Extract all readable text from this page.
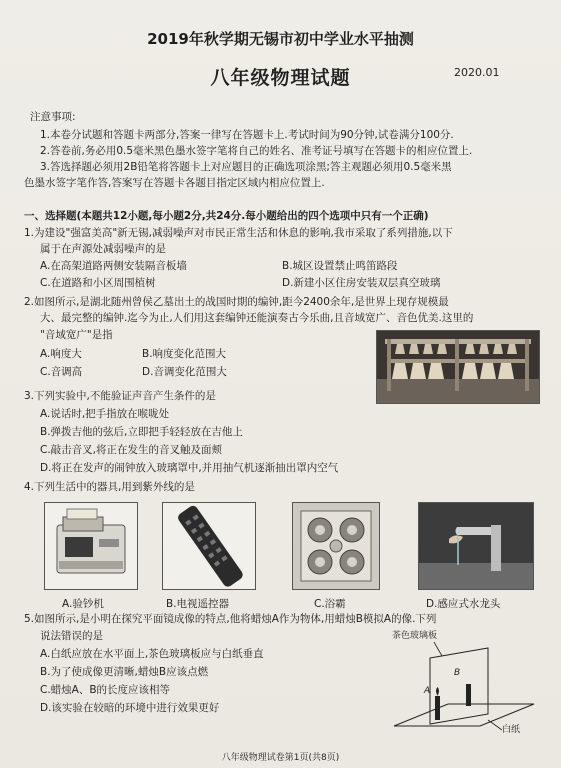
2019年秋学期无锡市初中学业水平抽测
2020.01
八年级物理试题
注意事项:
1.本卷分试题和答题卡两部分,答案一律写在答题卡上.考试时间为90分钟,试卷满分100分.
2.答卷前,务必用0.5毫米黑色墨水签字笔将自己的姓名、准考证号填写在答题卡的相应位置上.
3.答选择题必须用2B铅笔将答题卡上对应题目的正确选项涂黑;答主观题必须用0.5毫米黑
色墨水签字笔作答,答案写在答题卡各题目指定区域内相应位置上.
一、选择题(本题共12小题,每小题2分,共24分.每小题给出的四个选项中只有一个正确)
1.为建设"强富美高"新无锡,减弱噪声对市民正常生活和休息的影响,我市采取了系列措施,以下
属于在声源处减弱噪声的是
A.在高架道路两侧安装隔音板墙	B.城区设置禁止鸣笛路段
C.在道路和小区周围植树	D.新建小区住房安装双层真空玻璃
2.如图所示,是湖北随州曾侯乙墓出土的战国时期的编钟,距今2400余年,是世界上现存规模最
大、最完整的编钟.迄今为止,人们用这套编钟还能演奏古今乐曲,且音域宽广、音色优美.这里的
"音域宽广"是指
A.响度大	B.响度变化范围大
C.音调高	D.音调变化范围大
3.下列实验中,不能验证声音产生条件的是
A.说话时,把手指放在喉咙处
B.弹拨吉他的弦后,立即把手轻轻放在吉他上
C.敲击音叉,将正在发生的音叉触及面颊
D.将正在发声的闹钟放入玻璃罩中,并用抽气机逐渐抽出罩内空气
4.下列生活中的器具,用到紫外线的是
A.验钞机	B.电视遥控器	C.浴霸	D.感应式水龙头
5.如图所示,是小明在探究平面镜成像的特点,他将蜡烛A作为物体,用蜡烛B模拟A的像.下列
说法错误的是
A.白纸应放在水平面上,茶色玻璃板应与白纸垂直
B.为了使成像更清晰,蜡烛B应该点燃
C.蜡烛A、B的长度应该相等
D.该实验在较暗的环境中进行效果更好
茶色玻璃板
白纸
B
A
八年级物理试卷第1页(共8页)
